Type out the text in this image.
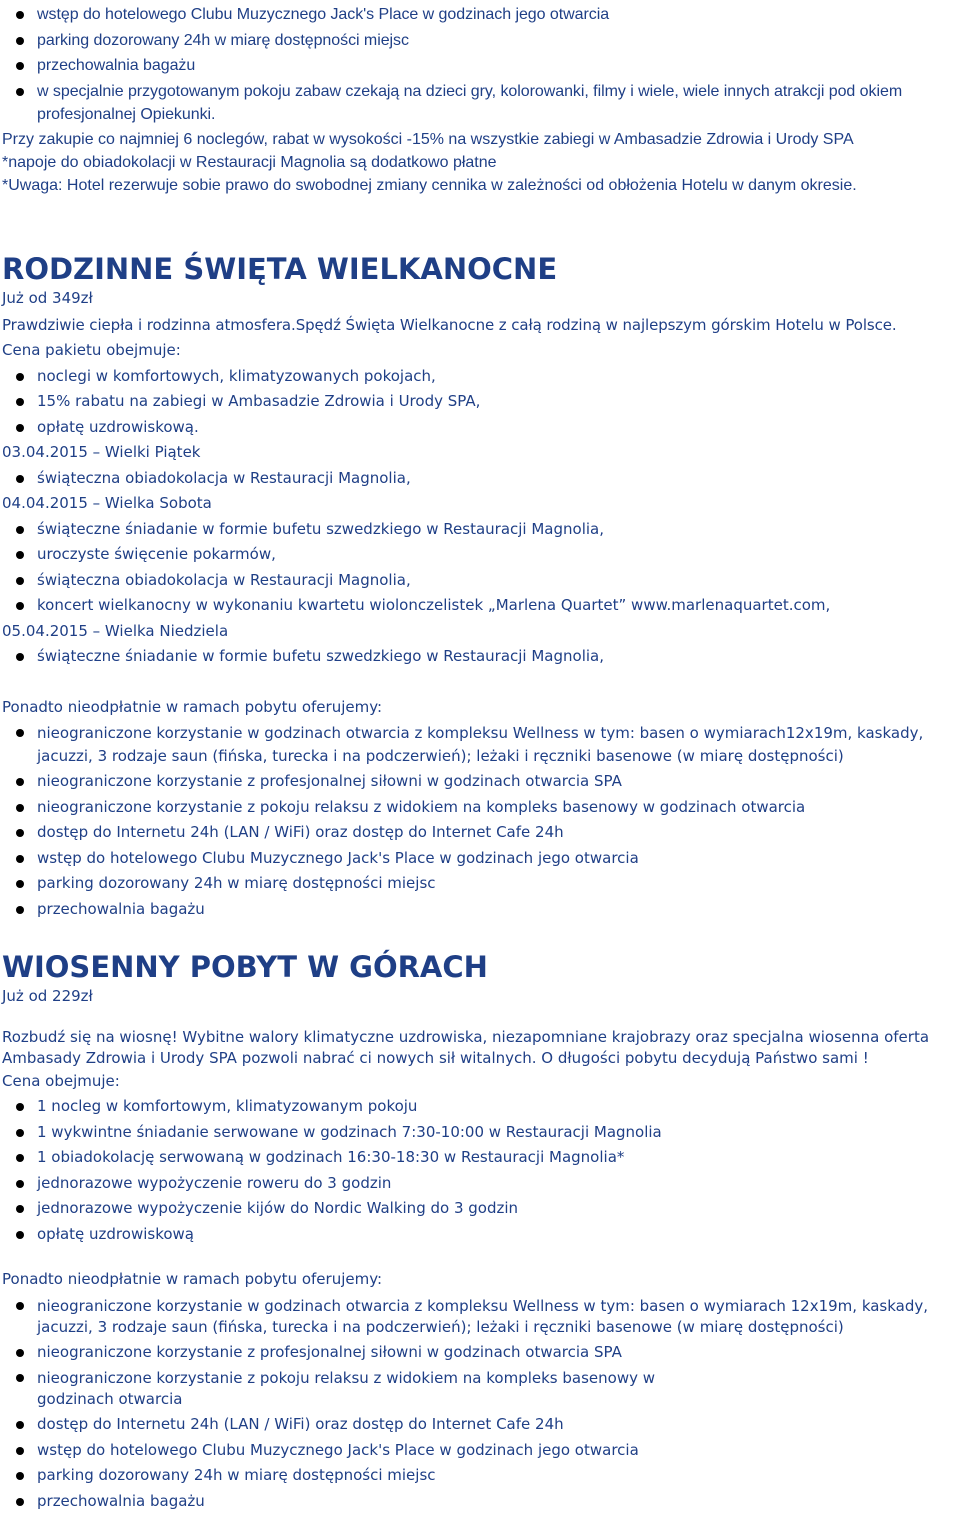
wstęp do hotelowego Clubu Muzycznego Jack's Place w godzinach jego otwarcia
parking dozorowany 24h w miarę dostępności miejsc
przechowalnia bagażu
w specjalnie przygotowanym pokoju zabaw czekają na dzieci gry, kolorowanki, filmy i wiele, wiele innych atrakcji pod okiem profesjonalnej Opiekunki.
Przy zakupie co najmniej 6 noclegów, rabat w wysokości -15% na wszystkie zabiegi w Ambasadzie Zdrowia i Urody SPA
*napoje do obiadokolacji w Restauracji Magnolia są dodatkowo płatne
*Uwaga: Hotel rezerwuje sobie prawo do swobodnej zmiany cennika w zależności od obłożenia Hotelu w danym okresie.
RODZINNE ŚWIĘTA WIELKANOCNE
Już od 349zł
Prawdziwie ciepła i rodzinna atmosfera.Spędź Święta Wielkanocne z całą rodziną w najlepszym górskim Hotelu w Polsce.
Cena pakietu obejmuje:
noclegi w komfortowych, klimatyzowanych pokojach,
15% rabatu na zabiegi w Ambasadzie Zdrowia i Urody SPA,
opłatę uzdrowiskową.
03.04.2015 – Wielki Piątek
świąteczna obiadokolacja w Restauracji Magnolia,
04.04.2015 – Wielka Sobota
świąteczne śniadanie w formie bufetu szwedzkiego w Restauracji Magnolia,
uroczyste święcenie pokarmów,
świąteczna obiadokolacja w Restauracji Magnolia,
koncert wielkanocny w wykonaniu kwartetu wiolonczelistek „Marlena Quartet” www.marlenaquartet.com,
05.04.2015 – Wielka Niedziela
świąteczne śniadanie w formie bufetu szwedzkiego w Restauracji Magnolia,
Ponadto nieodpłatnie w ramach pobytu oferujemy:
nieograniczone korzystanie w godzinach otwarcia z kompleksu Wellness w tym: basen o wymiarach12x19m, kaskady, jacuzzi, 3 rodzaje saun (fińska, turecka i na podczerwień); leżaki i ręczniki basenowe (w miarę dostępności)
nieograniczone korzystanie z profesjonalnej siłowni w godzinach otwarcia SPA
nieograniczone korzystanie z pokoju relaksu z widokiem na kompleks basenowy w godzinach otwarcia
dostęp do Internetu 24h (LAN / WiFi) oraz dostęp do Internet Cafe 24h
wstęp do hotelowego Clubu Muzycznego Jack's Place w godzinach jego otwarcia
parking dozorowany 24h w miarę dostępności miejsc
przechowalnia bagażu
WIOSENNY POBYT W GÓRACH
Już od 229zł
Rozbudź się na wiosnę! Wybitne walory klimatyczne uzdrowiska, niezapomniane krajobrazy oraz specjalna wiosenna oferta Ambasady Zdrowia i Urody SPA pozwoli nabrać ci nowych sił witalnych. O długości pobytu decydują Państwo sami !
Cena obejmuje:
1 nocleg w komfortowym, klimatyzowanym pokoju
1 wykwintne śniadanie serwowane w godzinach 7:30-10:00 w Restauracji Magnolia
1 obiadokolację serwowaną w godzinach 16:30-18:30 w Restauracji Magnolia*
jednorazowe wypożyczenie roweru do 3 godzin
jednorazowe wypożyczenie kijów do Nordic Walking do 3 godzin
opłatę uzdrowiskową
Ponadto nieodpłatnie w ramach pobytu oferujemy:
nieograniczone korzystanie w godzinach otwarcia z kompleksu Wellness w tym: basen o wymiarach 12x19m, kaskady, jacuzzi, 3 rodzaje saun (fińska, turecka i na podczerwień); leżaki i ręczniki basenowe (w miarę dostępności)
nieograniczone korzystanie z profesjonalnej siłowni w godzinach otwarcia SPA
nieograniczone korzystanie z pokoju relaksu z widokiem na kompleks basenowy w godzinach otwarcia
dostęp do Internetu 24h (LAN / WiFi) oraz dostęp do Internet Cafe 24h
wstęp do hotelowego Clubu Muzycznego Jack's Place w godzinach jego otwarcia
parking dozorowany 24h w miarę dostępności miejsc
przechowalnia bagażu
